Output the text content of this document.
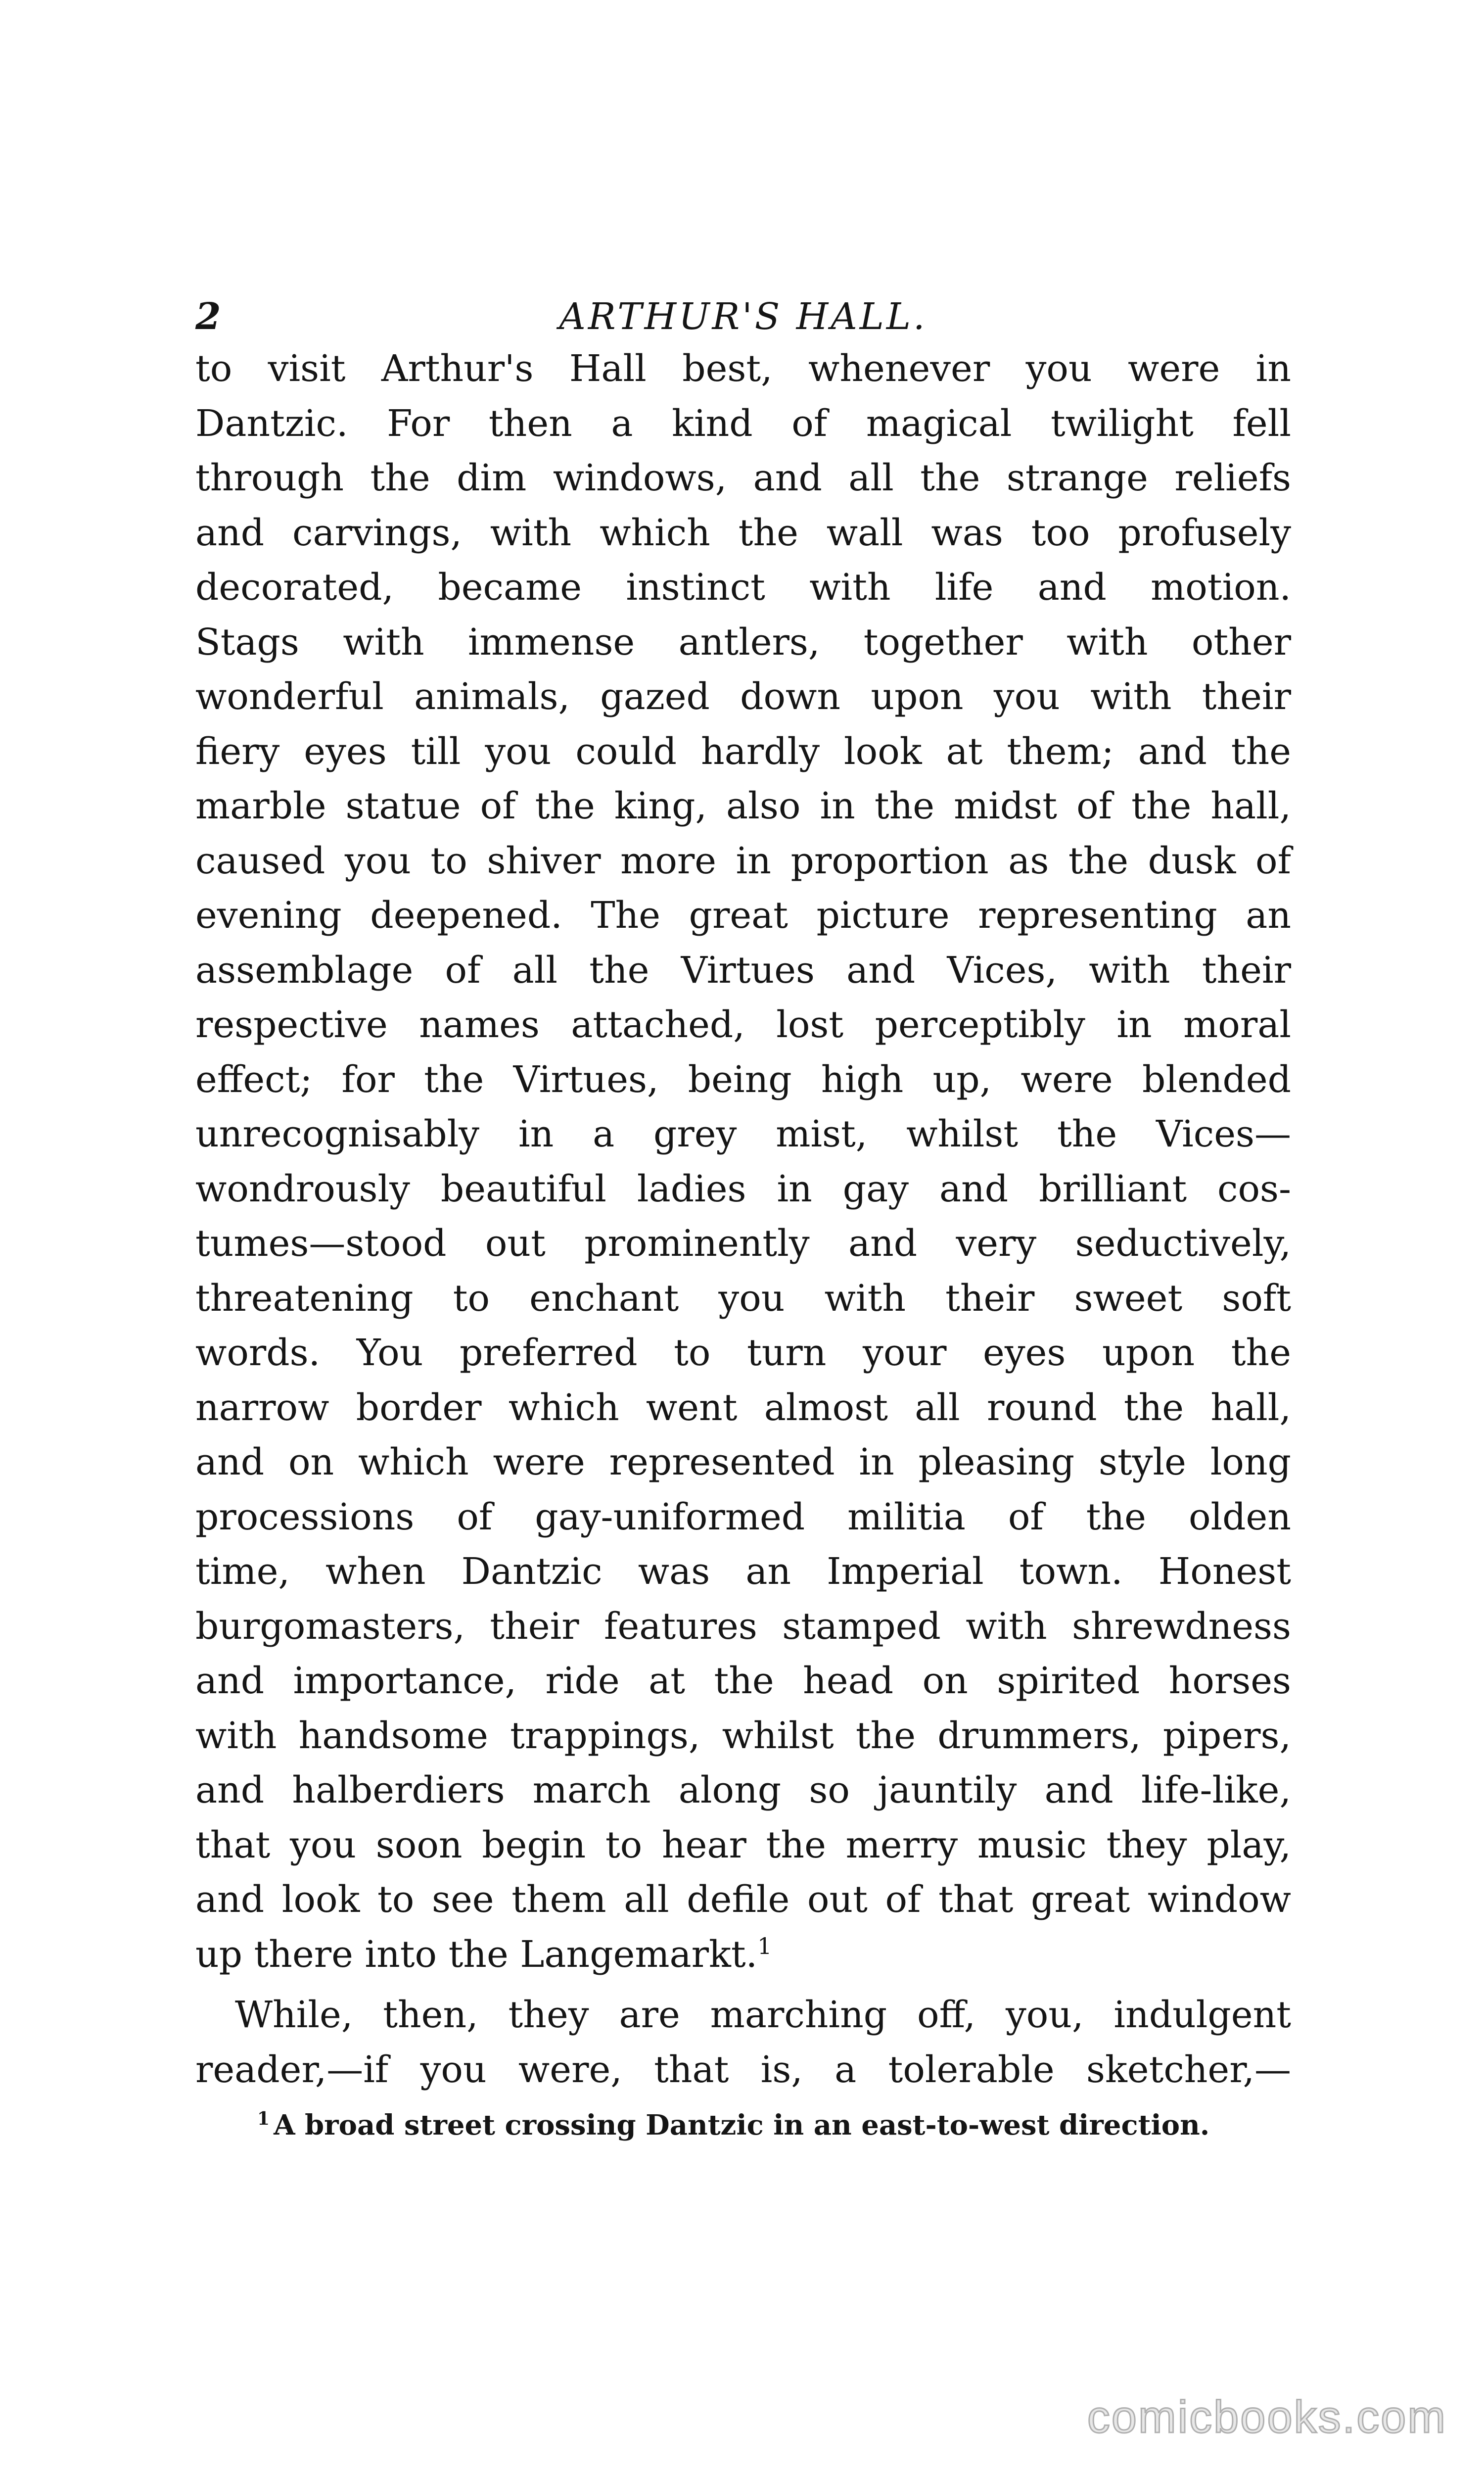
2	ARTHUR'S HALL.
to visit Arthur's Hall best, whenever you were in
Dantzic. For then a kind of magical twilight fell
through the dim windows, and all the strange reliefs
and carvings, with which the wall was too profusely
decorated, became instinct with life and motion.
Stags with immense antlers, together with other
wonderful animals, gazed down upon you with their
fiery eyes till you could hardly look at them; and the
marble statue of the king, also in the midst of the hall,
caused you to shiver more in proportion as the dusk of
evening deepened. The great picture representing an
assemblage of all the Virtues and Vices, with their
respective names attached, lost perceptibly in moral
effect; for the Virtues, being high up, were blended
unrecognisably in a grey mist, whilst the Vices—
wondrously beautiful ladies in gay and brilliant cos-
tumes—stood out prominently and very seductively,
threatening to enchant you with their sweet soft
words. You preferred to turn your eyes upon the
narrow border which went almost all round the hall,
and on which were represented in pleasing style long
processions of gay-uniformed militia of the olden
time, when Dantzic was an Imperial town. Honest
burgomasters, their features stamped with shrewdness
and importance, ride at the head on spirited horses
with handsome trappings, whilst the drummers, pipers,
and halberdiers march along so jauntily and life-like,
that you soon begin to hear the merry music they play,
and look to see them all defile out of that great window
up there into the Langemarkt.$^1$
While, then, they are marching off, you, indulgent
reader,—if you were, that is, a tolerable sketcher,—
$^1$ A broad street crossing Dantzic in an east-to-west direction.
comicbooks.com
